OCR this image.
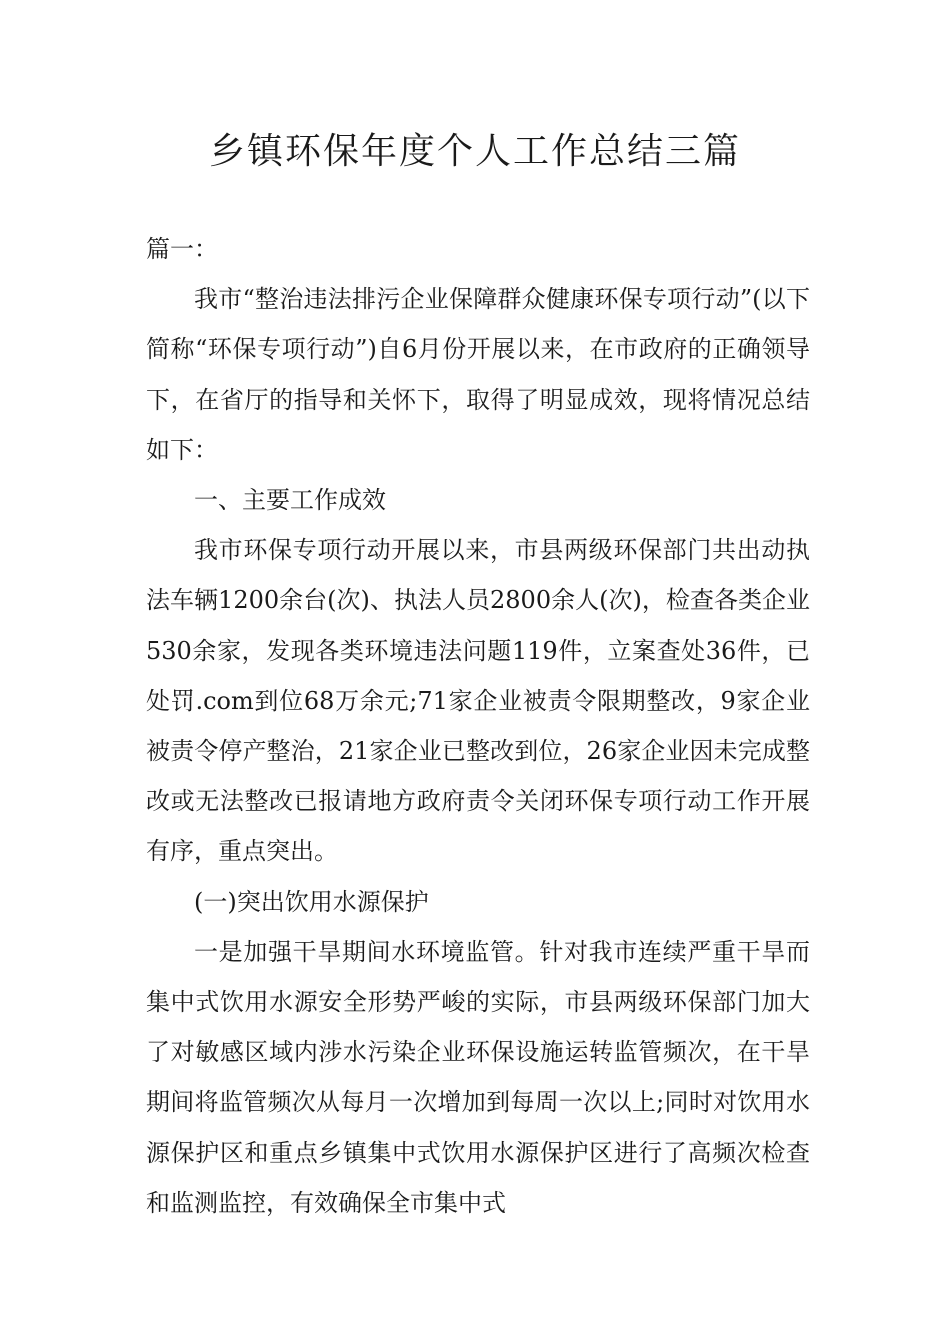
乡镇环保年度个人工作总结三篇

篇一：

我市“整治违法排污企业保障群众健康环保专项行动”(以下简称“环保专项行动”)自6月份开展以来，在市政府的正确领导下，在省厅的指导和关怀下，取得了明显成效，现将情况总结如下：

一、主要工作成效

我市环保专项行动开展以来，市县两级环保部门共出动执法车辆1200余台(次)、执法人员2800余人(次)，检查各类企业530余家，发现各类环境违法问题119件，立案查处36件，已处罚.com到位68万余元;71家企业被责令限期整改，9家企业被责令停产整治，21家企业已整改到位，26家企业因未完成整改或无法整改已报请地方政府责令关闭环保专项行动工作开展有序，重点突出。

(一)突出饮用水源保护

一是加强干旱期间水环境监管。针对我市连续严重干旱而集中式饮用水源安全形势严峻的实际，市县两级环保部门加大了对敏感区域内涉水污染企业环保设施运转监管频次，在干旱期间将监管频次从每月一次增加到每周一次以上;同时对饮用水源保护区和重点乡镇集中式饮用水源保护区进行了高频次检查和监测监控，有效确保全市集中式
